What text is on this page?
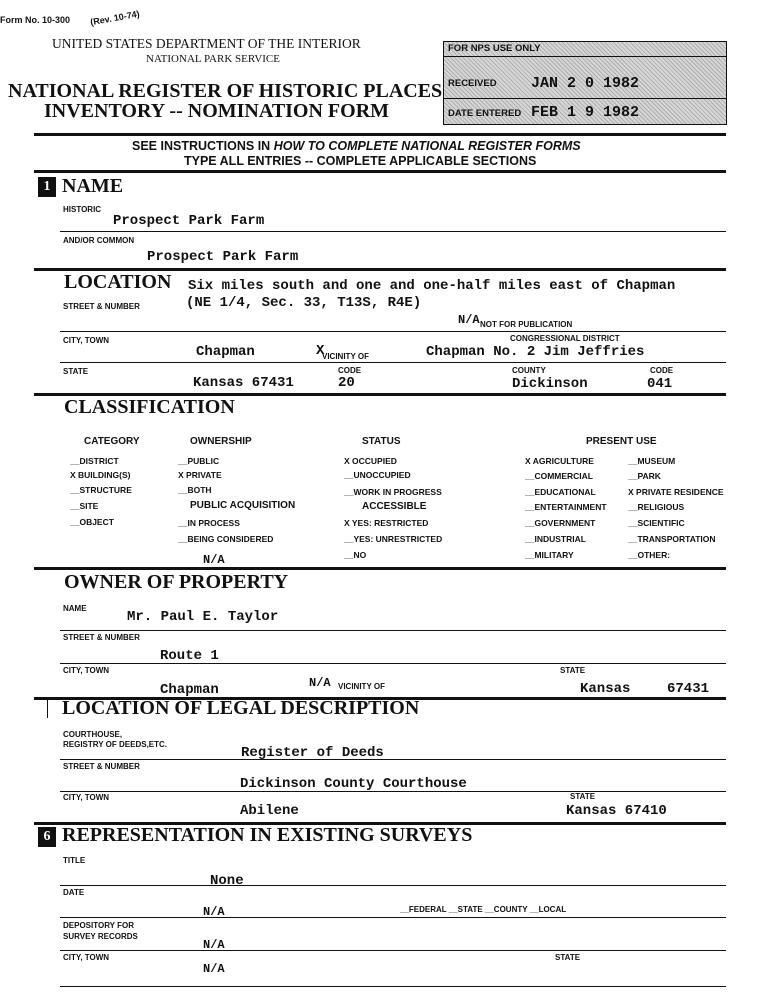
Form No. 10-300 (Rev. 10-74)
UNITED STATES DEPARTMENT OF THE INTERIOR
NATIONAL PARK SERVICE
NATIONAL REGISTER OF HISTORIC PLACES
INVENTORY -- NOMINATION FORM
FOR NPS USE ONLY
RECEIVED JAN 2 0 1982
DATE ENTERED FEB 1 9 1982
SEE INSTRUCTIONS IN HOW TO COMPLETE NATIONAL REGISTER FORMS
TYPE ALL ENTRIES -- COMPLETE APPLICABLE SECTIONS
1 NAME
HISTORIC
Prospect Park Farm
AND/OR COMMON
Prospect Park Farm
LOCATION Six miles south and one and one-half miles east of Chapman
STREET & NUMBER	(NE 1/4, Sec. 33, T13S, R4E)
N/A NOT FOR PUBLICATION
CITY, TOWN
Chapman	X
VICINITY OF
CONGRESSIONAL DISTRICT
Chapman No. 2 Jim Jeffries
STATE
Kansas 67431
CODE
20
COUNTY
Dickinson
CODE
041
CLASSIFICATION
CATEGORY	OWNERSHIP	STATUS	PRESENT USE
__DISTRICT
X BUILDING(S)
__STRUCTURE
__SITE
__OBJECT
__PUBLIC
X PRIVATE
__BOTH
PUBLIC ACQUISITION
__IN PROCESS
__BEING CONSIDERED
N/A
X OCCUPIED
__UNOCCUPIED
__WORK IN PROGRESS
ACCESSIBLE
X YES: RESTRICTED
__YES: UNRESTRICTED
__NO
X AGRICULTURE
__COMMERCIAL
__EDUCATIONAL
__ENTERTAINMENT
__GOVERNMENT
__INDUSTRIAL
__MILITARY
__MUSEUM
__PARK
X PRIVATE RESIDENCE
__RELIGIOUS
__SCIENTIFIC
__TRANSPORTATION
__OTHER:
OWNER OF PROPERTY
NAME
Mr. Paul E. Taylor
STREET & NUMBER
Route 1
CITY, TOWN
Chapman	N/A VICINITY OF
STATE
Kansas	67431
LOCATION OF LEGAL DESCRIPTION
COURTHOUSE,
REGISTRY OF DEEDS,ETC.
Register of Deeds
STREET & NUMBER
Dickinson County Courthouse
CITY, TOWN
Abilene
STATE
Kansas 67410
6 REPRESENTATION IN EXISTING SURVEYS
TITLE
None
DATE
N/A	__FEDERAL __STATE __COUNTY __LOCAL
DEPOSITORY FOR
SURVEY RECORDS
N/A
CITY, TOWN
N/A
STATE
